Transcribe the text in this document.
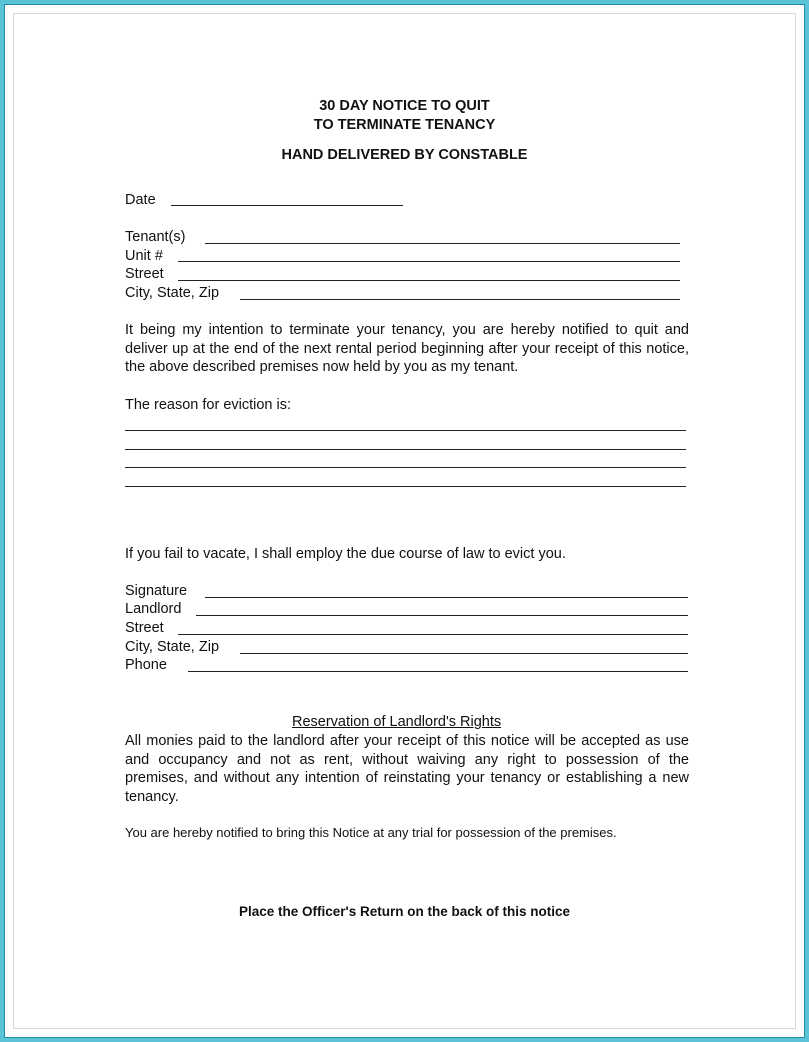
30 DAY NOTICE TO QUIT
TO TERMINATE TENANCY
HAND DELIVERED BY CONSTABLE
Date
Tenant(s)
Unit #
Street
City, State, Zip
It being my intention to terminate your tenancy, you are hereby notified to quit and deliver up at the end of the next rental period beginning after your receipt of this notice, the above described premises now held by you as my tenant.
The reason for eviction is:
If you fail to vacate, I shall employ the due course of law to evict you.
Signature
Landlord
Street
City, State, Zip
Phone
Reservation of Landlord's Rights
All monies paid to the landlord after your receipt of this notice will be accepted as use and occupancy and not as rent, without waiving any right to possession of the premises, and without any intention of reinstating your tenancy or establishing a new tenancy.
You are hereby notified to bring this Notice at any trial for possession of the premises.
Place the Officer's Return on the back of this notice
